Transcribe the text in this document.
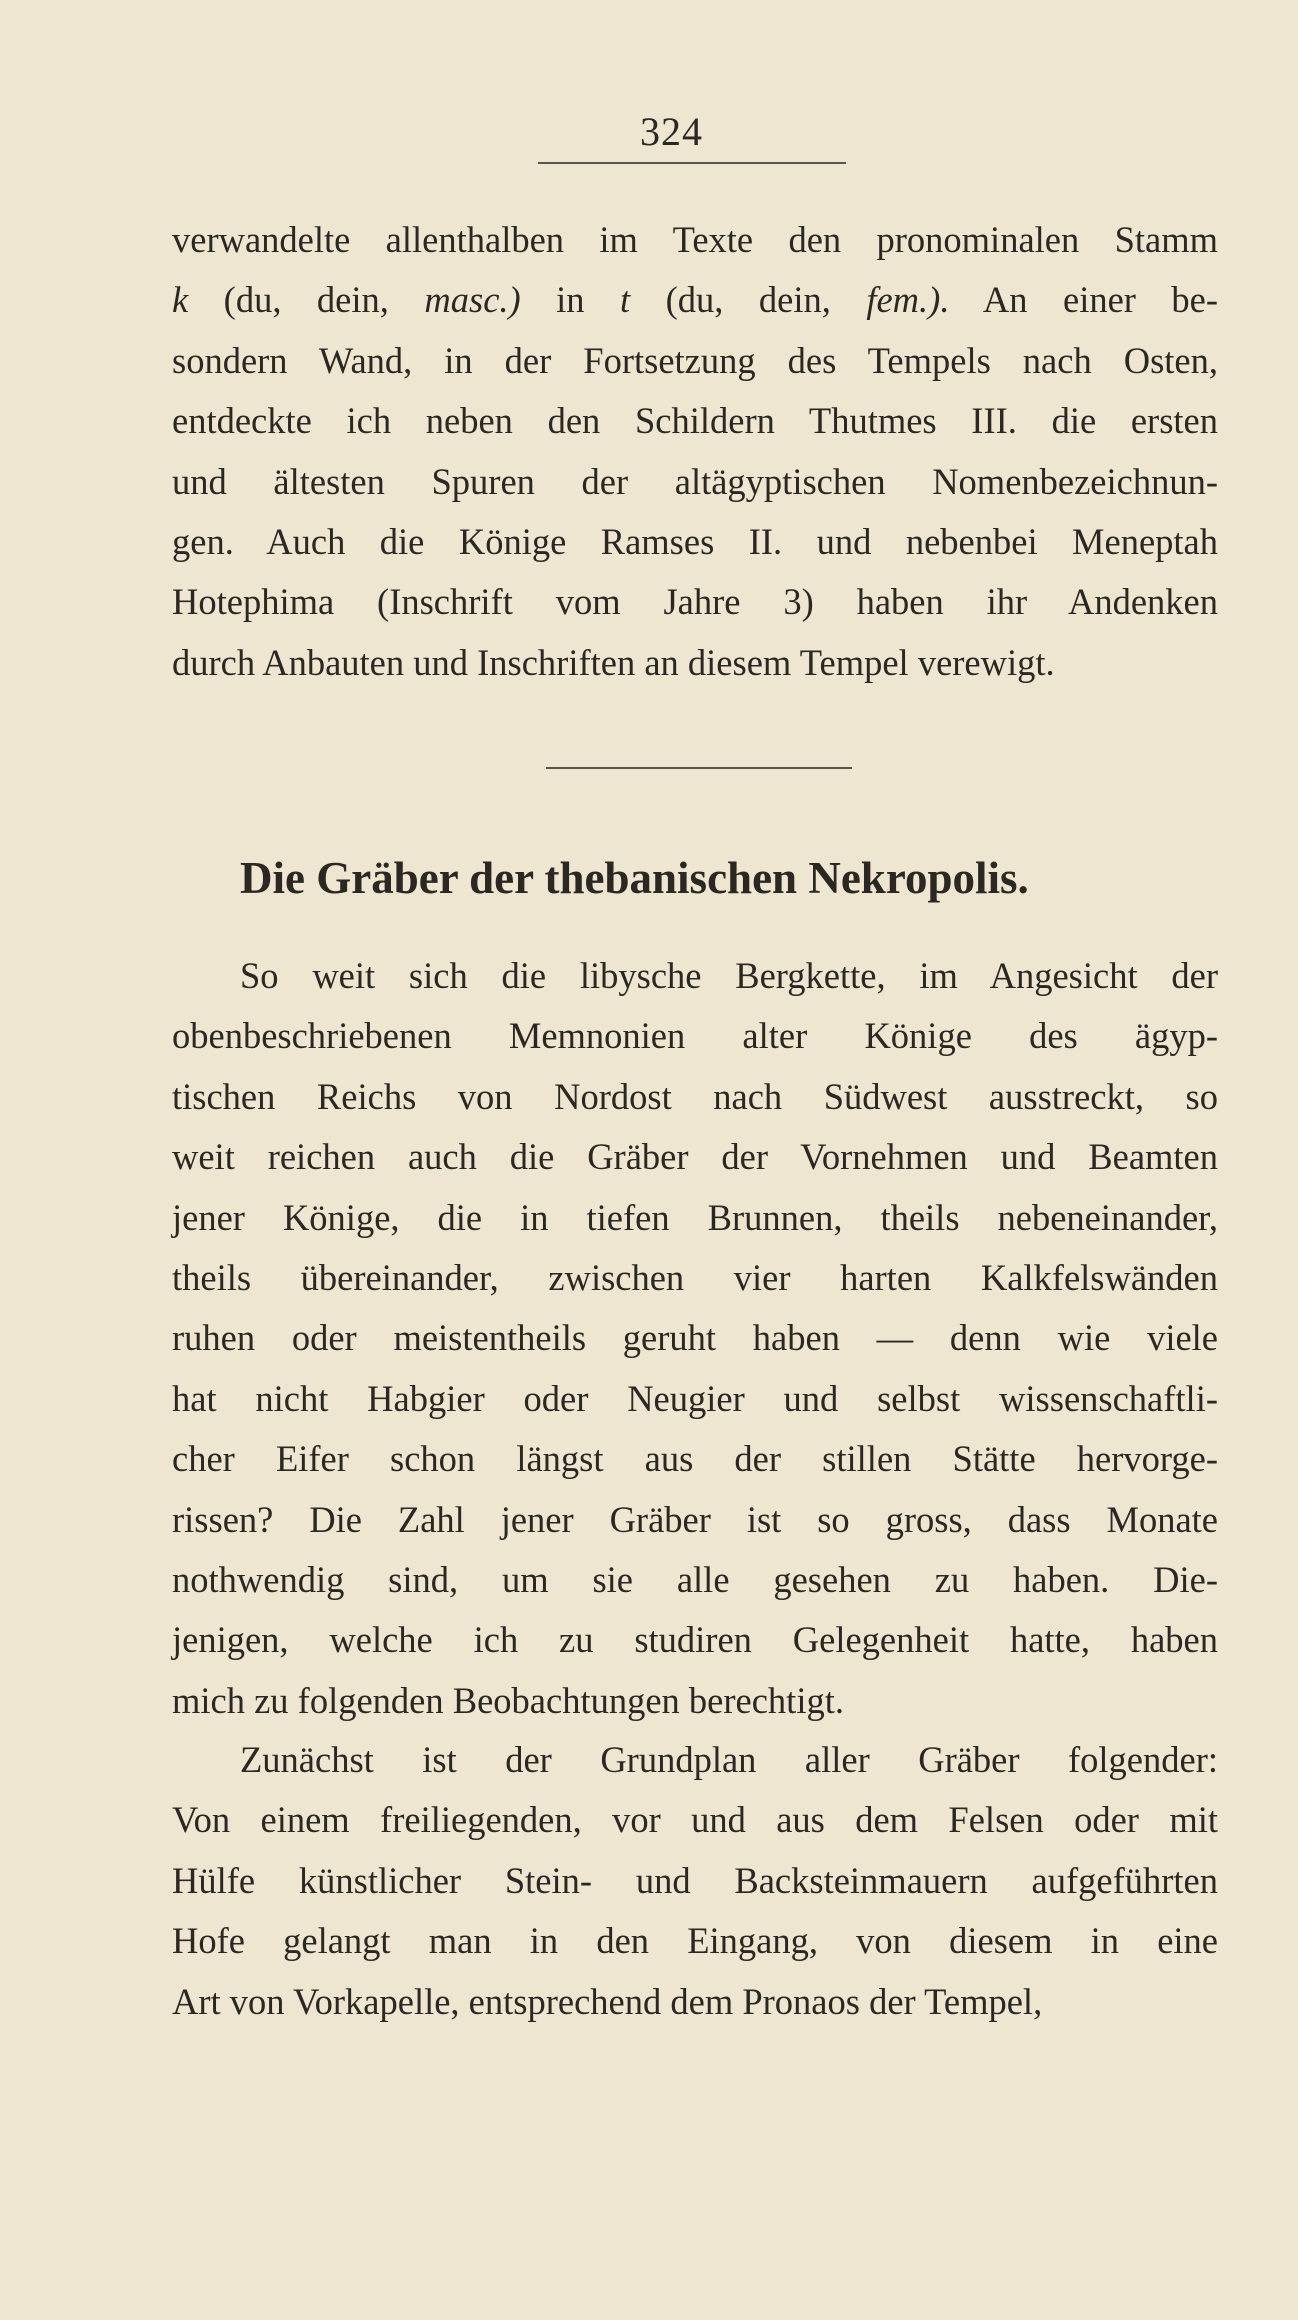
324
verwandelte allenthalben im Texte den pronominalen Stamm
k (du, dein, masc.) in t (du, dein, fem.). An einer be-
sondern Wand, in der Fortsetzung des Tempels nach Osten,
entdeckte ich neben den Schildern Thutmes III. die ersten
und ältesten Spuren der altägyptischen Nomenbezeichnun-
gen. Auch die Könige Ramses II. und nebenbei Meneptah
Hotephima (Inschrift vom Jahre 3) haben ihr Andenken
durch Anbauten und Inschriften an diesem Tempel verewigt.
Die Gräber der thebanischen Nekropolis.
So weit sich die libysche Bergkette, im Angesicht der
obenbeschriebenen Memnonien alter Könige des ägyp-
tischen Reichs von Nordost nach Südwest ausstreckt, so
weit reichen auch die Gräber der Vornehmen und Beamten
jener Könige, die in tiefen Brunnen, theils nebeneinander,
theils übereinander, zwischen vier harten Kalkfelswänden
ruhen oder meistentheils geruht haben — denn wie viele
hat nicht Habgier oder Neugier und selbst wissenschaftli-
cher Eifer schon längst aus der stillen Stätte hervorge-
rissen? Die Zahl jener Gräber ist so gross, dass Monate
nothwendig sind, um sie alle gesehen zu haben. Die-
jenigen, welche ich zu studiren Gelegenheit hatte, haben
mich zu folgenden Beobachtungen berechtigt.
Zunächst ist der Grundplan aller Gräber folgender:
Von einem freiliegenden, vor und aus dem Felsen oder mit
Hülfe künstlicher Stein- und Backsteinmauern aufgeführten
Hofe gelangt man in den Eingang, von diesem in eine
Art von Vorkapelle, entsprechend dem Pronaos der Tempel,
